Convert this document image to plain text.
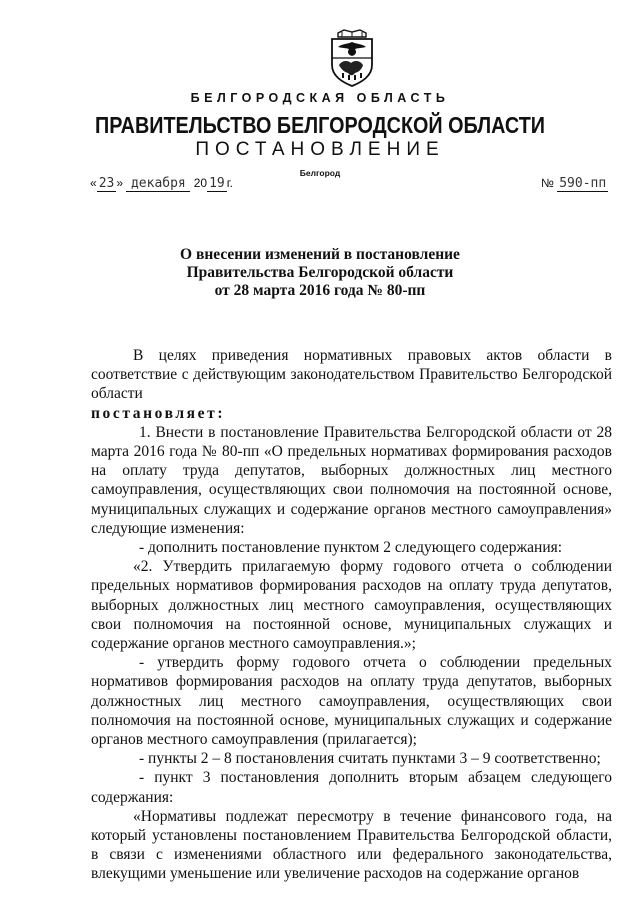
БЕЛГОРОДСКАЯ ОБЛАСТЬ
ПРАВИТЕЛЬСТВО БЕЛГОРОДСКОЙ ОБЛАСТИ
ПОСТАНОВЛЕНИЕ
Белгород
« 23 » декабря 20 19 г.	№ 590-пп
О внесении изменений в постановление
Правительства Белгородской области
от 28 марта 2016 года № 80-пп

В целях приведения нормативных правовых актов области в соответствие с действующим законодательством Правительство Белгородской области

постановляет:

1. Внести в постановление Правительства Белгородской области от 28 марта 2016 года № 80-пп «О предельных нормативах формирования расходов на оплату труда депутатов, выборных должностных лиц местного самоуправления, осуществляющих свои полномочия на постоянной основе, муниципальных служащих и содержание органов местного самоуправления» следующие изменения:

- дополнить постановление пунктом 2 следующего содержания:

«2. Утвердить прилагаемую форму годового отчета о соблюдении предельных нормативов формирования расходов на оплату труда депутатов, выборных должностных лиц местного самоуправления, осуществляющих свои полномочия на постоянной основе, муниципальных служащих и содержание органов местного самоуправления.»;

- утвердить форму годового отчета о соблюдении предельных нормативов формирования расходов на оплату труда депутатов, выборных должностных лиц местного самоуправления, осуществляющих свои полномочия на постоянной основе, муниципальных служащих и содержание органов местного самоуправления (прилагается);

- пункты 2 – 8 постановления считать пунктами 3 – 9 соответственно;

- пункт 3 постановления дополнить вторым абзацем следующего содержания:

«Нормативы подлежат пересмотру в течение финансового года, на который установлены постановлением Правительства Белгородской области, в связи с изменениями областного или федерального законодательства, влекущими уменьшение или увеличение расходов на содержание органов
